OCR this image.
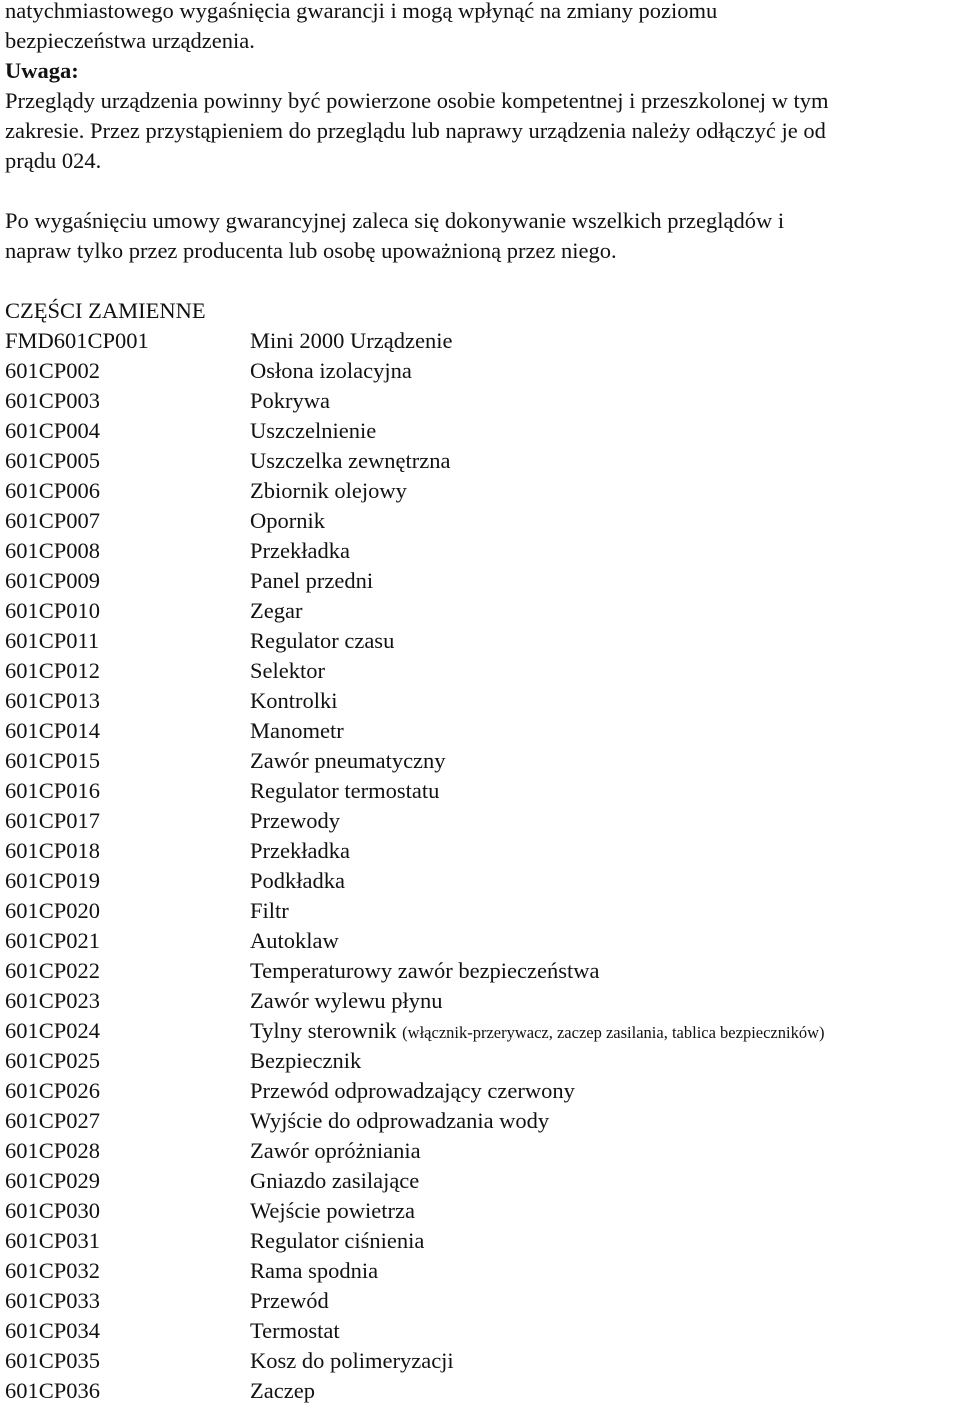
natychmiastowego wygaśnięcia gwarancji i mogą wpłynąć na zmiany poziomu

bezpieczeństwa urządzenia.

Uwaga:

Przeglądy urządzenia powinny być powierzone osobie kompetentnej i przeszkolonej w tym

zakresie. Przez przystąpieniem do przeglądu lub naprawy urządzenia należy odłączyć je od

prądu 024.

Po wygaśnięciu umowy gwarancyjnej zaleca się dokonywanie wszelkich przeglądów i

napraw tylko przez producenta lub osobę upoważnioną przez niego.

CZĘŚCI ZAMIENNE

FMD601CP001	Mini 2000 Urządzenie
601CP002	Osłona izolacyjna
601CP003	Pokrywa
601CP004	Uszczelnienie
601CP005	Uszczelka zewnętrzna
601CP006	Zbiornik olejowy
601CP007	Opornik
601CP008	Przekładka
601CP009	Panel przedni
601CP010	Zegar
601CP011	Regulator czasu
601CP012	Selektor
601CP013	Kontrolki
601CP014	Manometr
601CP015	Zawór pneumatyczny
601CP016	Regulator termostatu
601CP017	Przewody
601CP018	Przekładka
601CP019	Podkładka
601CP020	Filtr
601CP021	Autoklaw
601CP022	Temperaturowy zawór bezpieczeństwa
601CP023	Zawór wylewu płynu
601CP024	Tylny sterownik (włącznik-przerywacz, zaczep zasilania, tablica bezpieczników)
601CP025	Bezpiecznik
601CP026	Przewód odprowadzający czerwony
601CP027	Wyjście do odprowadzania wody
601CP028	Zawór opróżniania
601CP029	Gniazdo zasilające
601CP030	Wejście powietrza
601CP031	Regulator ciśnienia
601CP032	Rama spodnia
601CP033	Przewód
601CP034	Termostat
601CP035	Kosz do polimeryzacji
601CP036	Zaczep
